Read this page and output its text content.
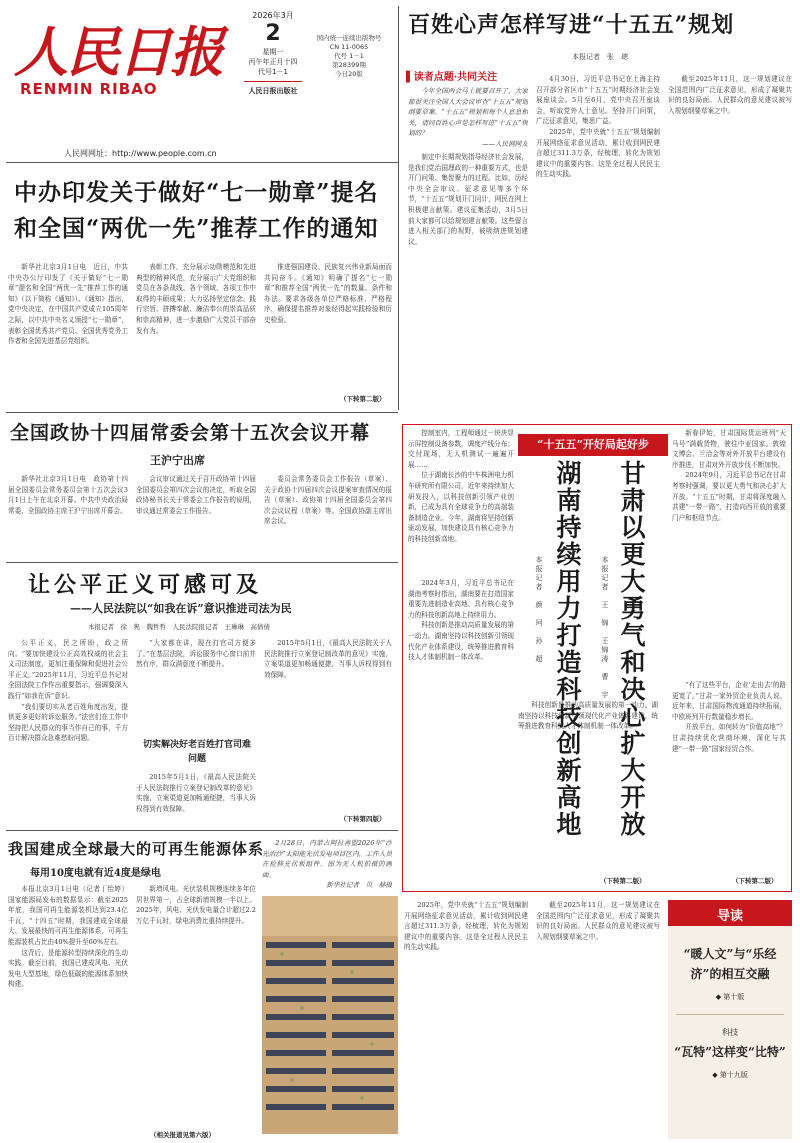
人民日报
RENMIN RIBAO
人民网网址：http://www.people.com.cn
2026年3月
2
星期一
丙午年正月十四
代号1－1
人民日报出版社
国内统一连续出版物号
CN 11-0065
代号 1－1
第28399期
今日20版
百姓心声怎样写进“十五五”规划
本报记者　张　璁
▌读者点题·共同关注

今年全国两会马上就要召开了，大家都很关注全国人大会议审查“十五五”规划纲要草案。“十五五”规划和每个人息息相关，请问百姓心声是怎样写进“十五五”规划的？

——人民网网友

制定中长期规划指导经济社会发展，是我们党治国理政的一种重要方式，也是开门问策、集智聚力的过程。比如，历经中央全会审议、征求意见等多个环节，“十五五”规划开门问计，网民在网上积极建言献策。建议征集活动，3月5日前大家都可以给规划建言献策。这些留言进入相关部门的视野，被吸纳进规划建议。

4月30日，习近平总书记在上海主持召开部分省区市“十五五”时期经济社会发展座谈会。5月至6月，党中央召开座谈会，听取党外人士意见。坚持开门问策，广泛征求意见，集思广益。

2025年，党中央就“十五五”规划编制开展网络征求意见活动，累计收到网民建言超过311.3万条，经梳理，转化为规划建议中的重要内容。这是全过程人民民主的生动实践。

截至2025年11月，这一规划建议在全国范围内广泛征求意见，形成了凝聚共识的良好局面。人民群众的意见建议被写入规划纲要草案之中。

中办印发关于做好“七一勋章”提名
和全国“两优一先”推荐工作的通知

新华社北京3月1日电　近日，中共中央办公厅印发了《关于做好“七一勋章”提名和全国“两优一先”推荐工作的通知》（以下简称《通知》）。《通知》指出，党中央决定，在中国共产党成立105周年之际，以中共中央名义颁授“七一勋章”，表彰全国优秀共产党员、全国优秀党务工作者和全国先进基层党组织。

表彰工作，充分展示功勋模范和先进典型的精神风范，充分展示广大党组织和党员在各条战线、各个领域、各项工作中取得的丰硕成果；大力弘扬坚定信念、践行宗旨、拼搏奉献、廉洁奉公的崇高品质和崇高精神，进一步激励广大党员干部奋发有为。

推进强国建设、民族复兴伟业新局面而共同奋斗。《通知》明确了提名“七一勋章”和推荐全国“两优一先”的数量、条件和办法。要求各级各单位严格标准、严格程序，确保提名推荐对象经得起实践检验和历史检验。

（下转第二版）
全国政协十四届常委会第十五次会议开幕
王沪宁出席

新华社北京3月1日电　政协第十四届全国委员会常务委员会第十五次会议3月1日上午在北京开幕。中共中央政治局常委、全国政协主席王沪宁出席开幕会。

会议审议通过关于召开政协第十四届全国委员会第四次会议的决定，听取全国政协秘书长关于常委会工作报告的说明，审议通过常委会工作报告。

委员会常务委员会工作报告（草案）、关于政协十四届四次会议提案审查情况的报告（草案）、政协第十四届全国委员会第四次会议议程（草案）等。全国政协副主席出席会议。

让公平正义可感可及
——人民法院以“如我在诉”意识推进司法为民
本报记者　徐　隽　魏哲哲　人民法院报记者　王琳琳　高倩倩

公平正义，民之所盼，政之所向。“要加快建设公正高效权威的社会主义司法制度，更加注重保障和促进社会公平正义。”2025年11月，习近平总书记对全国法院工作作出重要指示，强调要深入践行“如我在诉”意识。

“我们要切实从老百姓角度出发，提供更多更好的诉讼服务。”法官们在工作中坚持把人民群众的事当作自己的事，千方百计解决群众急难愁盼问题。

“大家都在讲，现在打官司方便多了。”在基层法院，诉讼服务中心窗口前井然有序，群众满意度不断提升。

切实解决好老百姓打官司难问题

2015年5月1日，《最高人民法院关于人民法院推行立案登记制改革的意见》实施，立案渠道更加畅通便捷，当事人诉权得到有效保障。

2015年5月1日，《最高人民法院关于人民法院推行立案登记制改革的意见》实施，立案渠道更加畅通便捷，当事人诉权得到有效保障。

（下转第四版）
我国建成全球最大的可再生能源体系
每用10度电就有近4度是绿电

本报北京3月1日电（记者丁怡婷）国家能源局发布的数据显示：截至2025年底，我国可再生能源装机达到23.4亿千瓦，“十四五”时期，我国建成全球最大、发展最快的可再生能源体系，可再生能源装机占比由40%提升至60%左右。

这背后，是能源转型持续深化的生动实践。截至目前，我国已建成风电、光伏发电大型基地，绿色低碳的能源体系加快构建。

新增风电、光伏装机规模连续多年位居世界第一，占全球新增规模一半以上。2025年，风电、光伏发电量合计超过2.2万亿千瓦时，绿电消费比重持续提升。

（相关报道见第六版）

2月28日，内蒙古阿拉善盟2026年“沙光治沙”太阳能光伏发电项目区内，工作人员在检修光伏板组件。图为无人机拍摄的画面。

新华社记者　贝　赫摄

控制室内，工程师通过一块块显示屏控制设备参数，调度产线分布；交付现场，无人机测试一遍遍开展……

位于湖南长沙的中车株洲电力机车研究所有限公司，近年来持续加大研发投入，以科技创新引领产业创新，已成为具有全球竞争力的高端装备制造企业。今年，湖南将坚持创新驱动发展，加快建设具有核心竞争力的科技创新高地。

“十五五”开好局起好步
湖南持续用力打造科技创新高地
本报记者　颜　珂　孙　超	甘肃以更大勇气和决心扩大开放
本报记者　王　锦　王锦涛　曹　宇

2024年3月，习近平总书记在湖南考察时指出，湖南要在打造国家重要先进制造业高地、具有核心竞争力的科技创新高地上持续用力。

科技创新是推动高质量发展的第一动力。湖南坚持以科技创新引领现代化产业体系建设，统筹推进教育科技人才体制机制一体改革。

科技创新是推动高质量发展的第一动力。湖南坚持以科技创新引领现代化产业体系建设，统筹推进教育科技人才体制机制一体改革。

（下转第二版）

新春伊始，甘肃国际货运班列“天马号”满载货物，驶往中亚国家。敦煌文博会、兰洽会等对外开放平台建设有序推进，甘肃对外开放步伐不断加快。

2024年9月，习近平总书记在甘肃考察时强调，要以更大勇气和决心扩大开放。“十五五”时期，甘肃将深度融入共建“一带一路”，打造向西开放的重要门户和枢纽节点。

“有了这些平台，企业‘走出去’的路更宽了。”甘肃一家外贸企业负责人说。近年来，甘肃国际物流通道持续拓展，中欧班列开行数量稳步增长。

开放平台，如何转为“价值高地”？甘肃持续优化营商环境，深化与共建“一带一路”国家经贸合作。

（下转第二版）
导读
“暖人文”与“乐经济”的相互交融
◆ 第十版
科技
“瓦特”这样变“比特”
◆ 第十九版

2025年，党中央就“十五五”规划编制开展网络征求意见活动，累计收到网民建言超过311.3万条，经梳理，转化为规划建议中的重要内容。这是全过程人民民主的生动实践。

截至2025年11月，这一规划建议在全国范围内广泛征求意见，形成了凝聚共识的良好局面。人民群众的意见建议被写入规划纲要草案之中。
